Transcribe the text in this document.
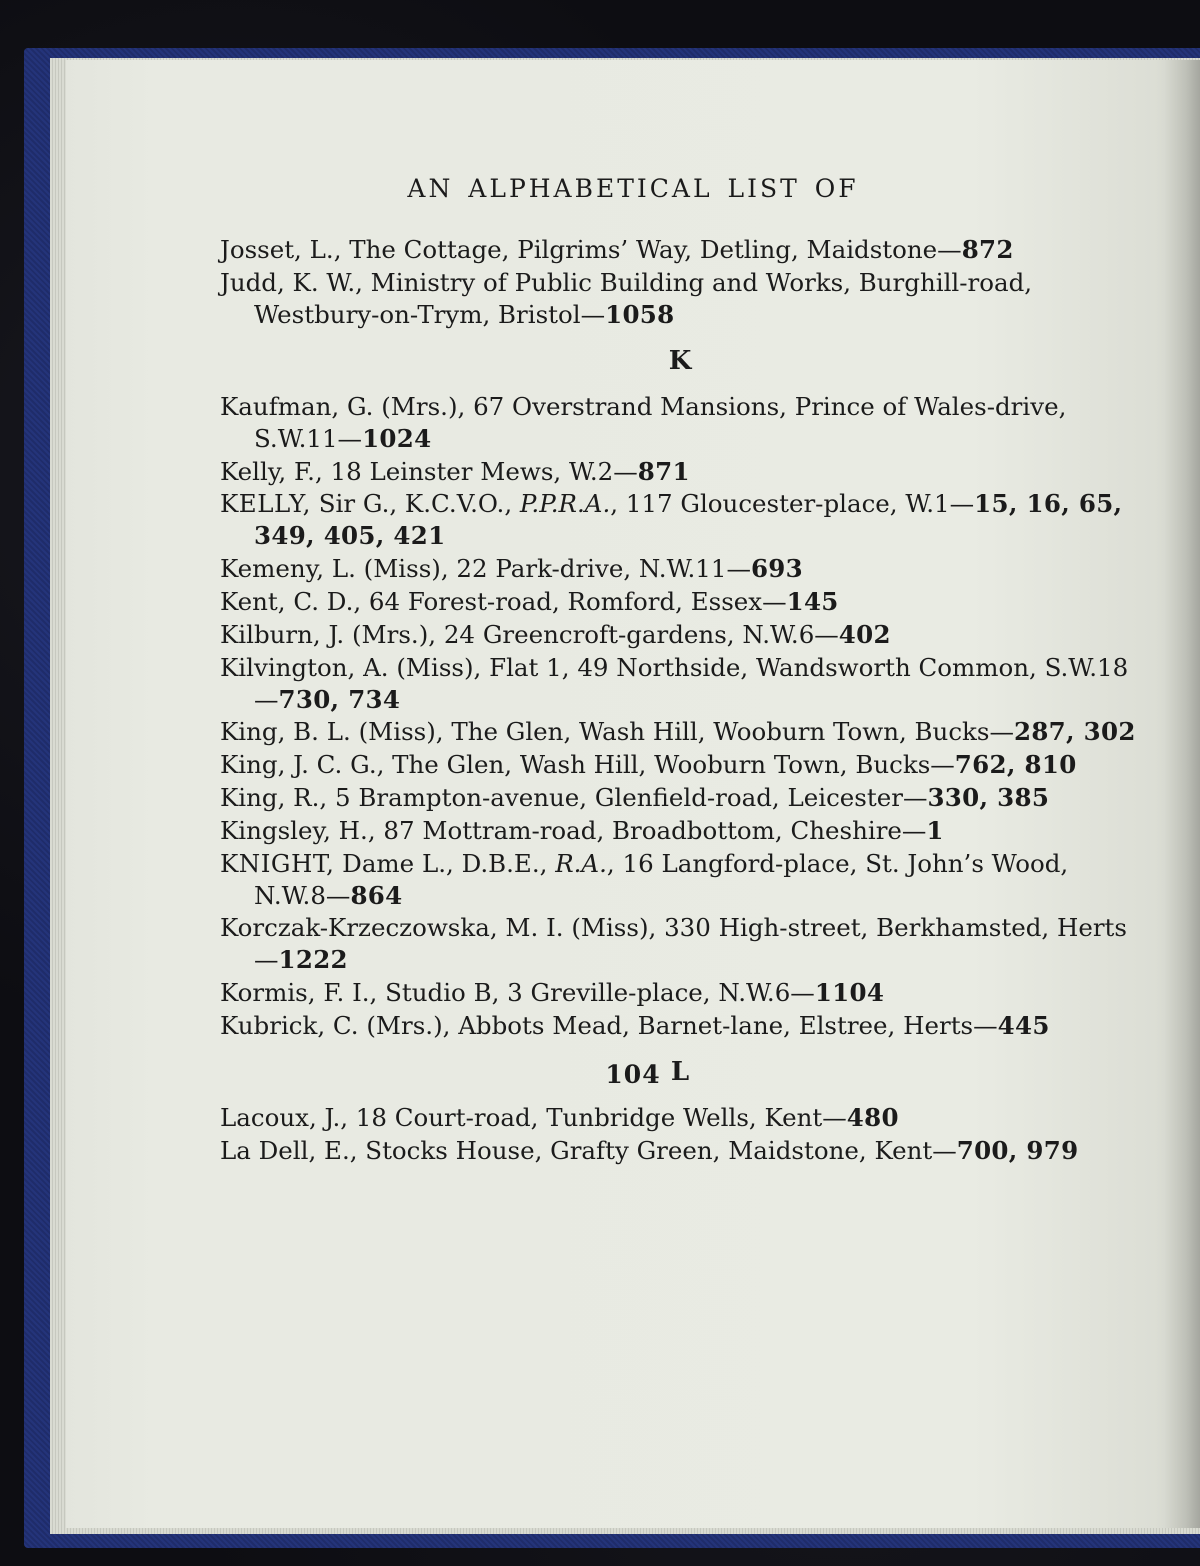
AN ALPHABETICAL LIST OF
Josset, L., The Cottage, Pilgrims’ Way, Detling, Maidstone—872
Judd, K. W., Ministry of Public Building and Works, Burghill-road, Westbury-on-Trym, Bristol—1058
K
Kaufman, G. (Mrs.), 67 Overstrand Mansions, Prince of Wales-drive, S.W.11—1024
Kelly, F., 18 Leinster Mews, W.2—871
KELLY, Sir G., K.C.V.O., P.P.R.A., 117 Gloucester-place, W.1—15, 16, 65, 349, 405, 421
Kemeny, L. (Miss), 22 Park-drive, N.W.11—693
Kent, C. D., 64 Forest-road, Romford, Essex—145
Kilburn, J. (Mrs.), 24 Greencroft-gardens, N.W.6—402
Kilvington, A. (Miss), Flat 1, 49 Northside, Wandsworth Common, S.W.18—730, 734
King, B. L. (Miss), The Glen, Wash Hill, Wooburn Town, Bucks—287, 302
King, J. C. G., The Glen, Wash Hill, Wooburn Town, Bucks—762, 810
King, R., 5 Brampton-avenue, Glenfield-road, Leicester—330, 385
Kingsley, H., 87 Mottram-road, Broadbottom, Cheshire—1
KNIGHT, Dame L., D.B.E., R.A., 16 Langford-place, St. John’s Wood, N.W.8—864
Korczak-Krzeczowska, M. I. (Miss), 330 High-street, Berkhamsted, Herts—1222
Kormis, F. I., Studio B, 3 Greville-place, N.W.6—1104
Kubrick, C. (Mrs.), Abbots Mead, Barnet-lane, Elstree, Herts—445
L
Lacoux, J., 18 Court-road, Tunbridge Wells, Kent—480
La Dell, E., Stocks House, Grafty Green, Maidstone, Kent—700, 979
104
